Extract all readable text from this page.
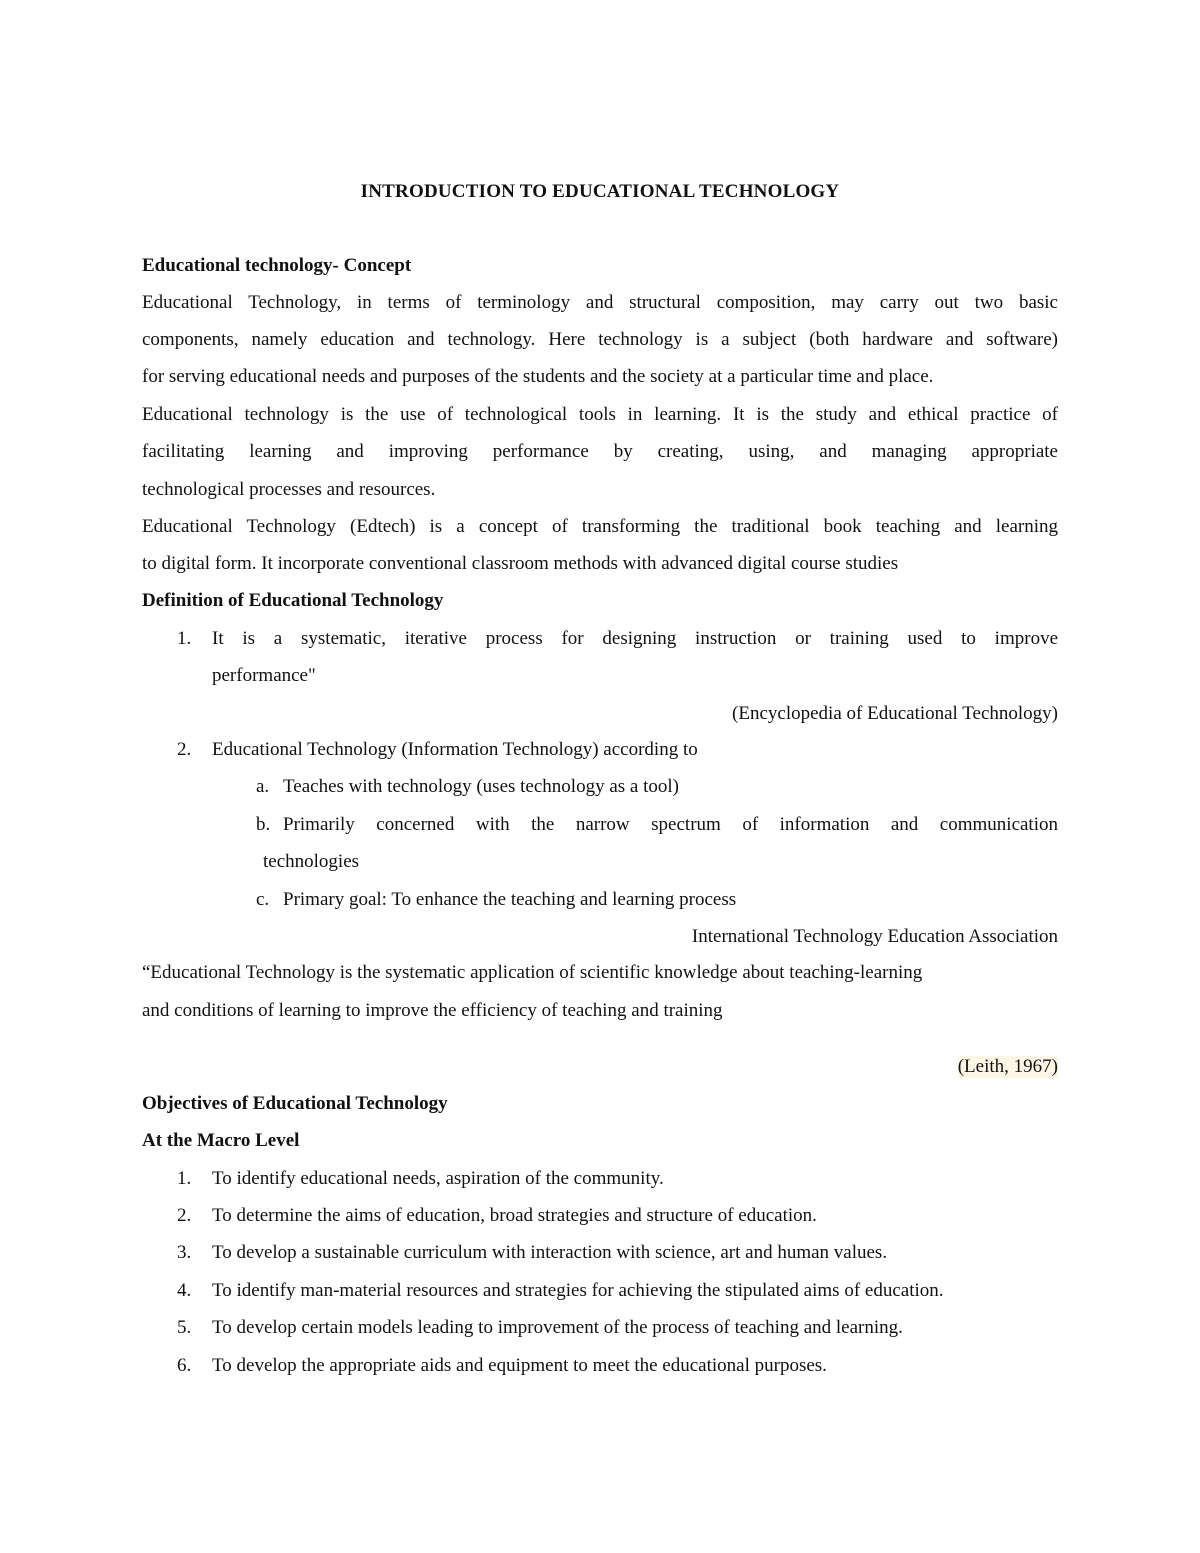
INTRODUCTION TO EDUCATIONAL TECHNOLOGY
Educational technology- Concept
Educational Technology, in terms of terminology and structural composition, may carry out two basic
components, namely education and technology. Here technology is a subject (both hardware and software)
for serving educational needs and purposes of the students and the society at a particular time and place.
Educational technology is the use of technological tools in learning. It is the study and ethical practice of
facilitating learning and improving performance by creating, using, and managing appropriate
technological processes and resources.
Educational Technology (Edtech) is a concept of transforming the traditional book teaching and learning
to digital form. It incorporate conventional classroom methods with advanced digital course studies
Definition of Educational Technology
1. It is a systematic, iterative process for designing instruction or training used to improve
performance"
(Encyclopedia of Educational Technology)
2. Educational Technology (Information Technology) according to
a. Teaches with technology (uses technology as a tool)
b. Primarily concerned with the narrow spectrum of information and communication
technologies
c. Primary goal: To enhance the teaching and learning process
International Technology Education Association
“Educational Technology is the systematic application of scientific knowledge about teaching-learning
and conditions of learning to improve the efficiency of teaching and training
(Leith, 1967)
Objectives of Educational Technology
At the Macro Level
1. To identify educational needs, aspiration of the community.
2. To determine the aims of education, broad strategies and structure of education.
3. To develop a sustainable curriculum with interaction with science, art and human values.
4. To identify man-material resources and strategies for achieving the stipulated aims of education.
5. To develop certain models leading to improvement of the process of teaching and learning.
6. To develop the appropriate aids and equipment to meet the educational purposes.
